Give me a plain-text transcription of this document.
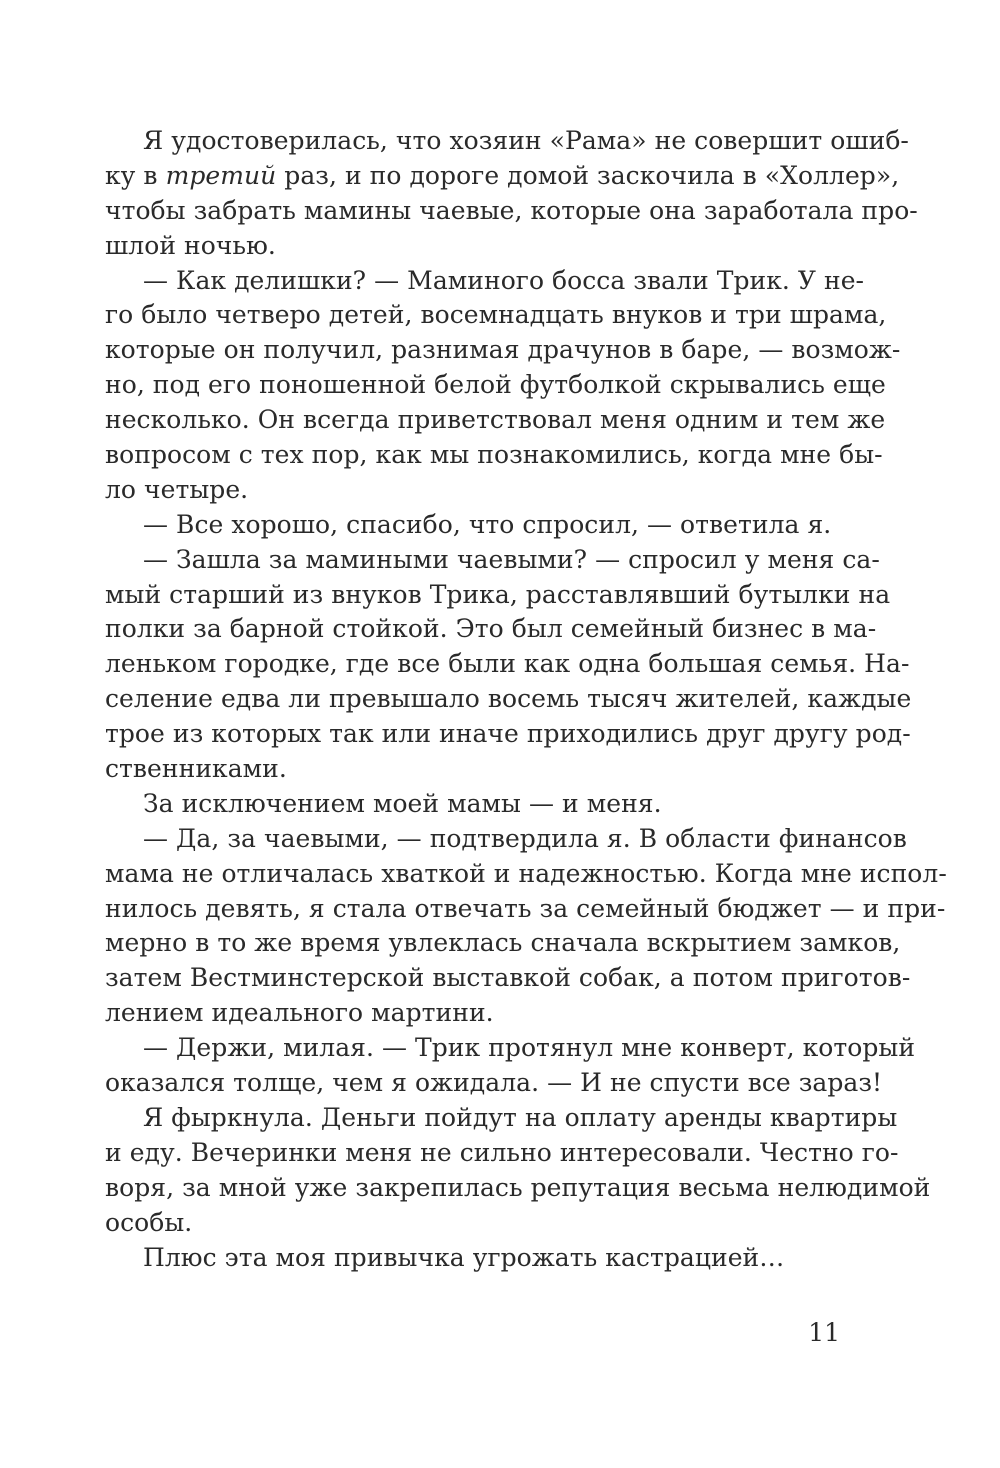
Я удостоверилась, что хозяин «Рама» не совершит ошиб-
ку в третий раз, и по дороге домой заскочила в «Холлер»,
чтобы забрать мамины чаевые, которые она заработала про-
шлой ночью.
— Как делишки? — Маминого босса звали Трик. У не-
го было четверо детей, восемнадцать внуков и три шрама,
которые он получил, разнимая драчунов в баре, — возмож-
но, под его поношенной белой футболкой скрывались еще
несколько. Он всегда приветствовал меня одним и тем же
вопросом с тех пор, как мы познакомились, когда мне бы-
ло четыре.
— Все хорошо, спасибо, что спросил, — ответила я.
— Зашла за мамиными чаевыми? — спросил у меня са-
мый старший из внуков Трика, расставлявший бутылки на
полки за барной стойкой. Это был семейный бизнес в ма-
леньком городке, где все были как одна большая семья. На-
селение едва ли превышало восемь тысяч жителей, каждые
трое из которых так или иначе приходились друг другу род-
ственниками.
За исключением моей мамы — и меня.
— Да, за чаевыми, — подтвердила я. В области финансов
мама не отличалась хваткой и надежностью. Когда мне испол-
нилось девять, я стала отвечать за семейный бюджет — и при-
мерно в то же время увлеклась сначала вскрытием замков,
затем Вестминстерской выставкой собак, а потом приготов-
лением идеального мартини.
— Держи, милая. — Трик протянул мне конверт, который
оказался толще, чем я ожидала. — И не спусти все зараз!
Я фыркнула. Деньги пойдут на оплату аренды квартиры
и еду. Вечеринки меня не сильно интересовали. Честно го-
воря, за мной уже закрепилась репутация весьма нелюдимой
особы.
Плюс эта моя привычка угрожать кастрацией…
11
